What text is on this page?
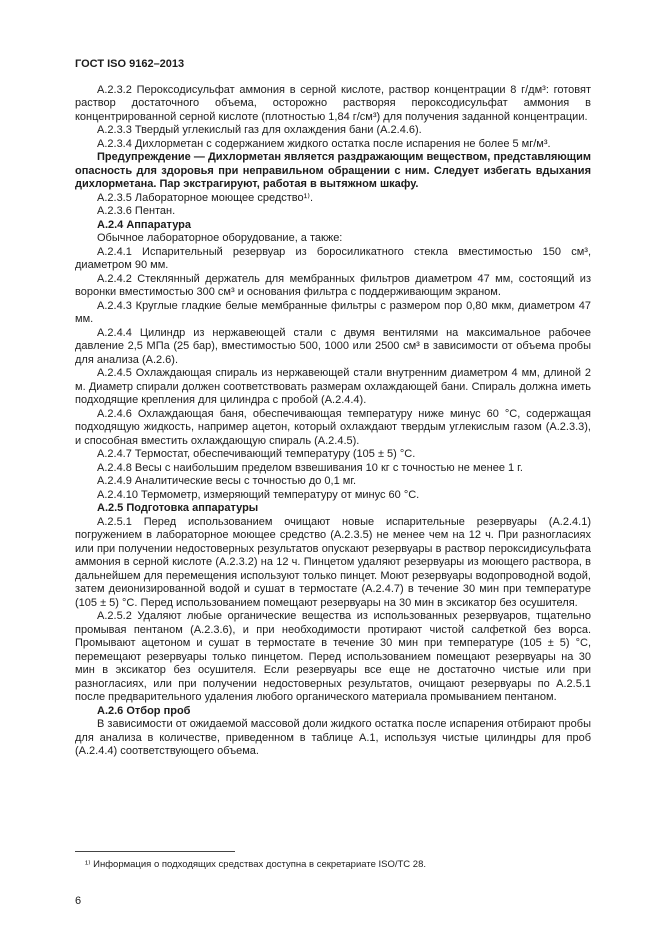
ГОСТ ISO 9162–2013

А.2.3.2 Пероксодисульфат аммония в серной кислоте, раствор концентрации 8 г/дм³: готовят раствор достаточного объема, осторожно растворяя пероксодисульфат аммония в концентрированной серной кислоте (плотностью 1,84 г/см³) для получения заданной концентрации.

А.2.3.3 Твердый углекислый газ для охлаждения бани (А.2.4.6).

А.2.3.4 Дихлорметан с содержанием жидкого остатка после испарения не более 5 мг/м³.

Предупреждение — Дихлорметан является раздражающим веществом, представляющим опасность для здоровья при неправильном обращении с ним. Следует избегать вдыхания дихлорметана. Пар экстрагируют, работая в вытяжном шкафу.

А.2.3.5 Лабораторное моющее средство¹⁾.

А.2.3.6 Пентан.

А.2.4 Аппаратура

Обычное лабораторное оборудование, а также:

А.2.4.1 Испарительный резервуар из боросиликатного стекла вместимостью 150 см³, диаметром 90 мм.

А.2.4.2 Стеклянный держатель для мембранных фильтров диаметром 47 мм, состоящий из воронки вместимостью 300 см³ и основания фильтра с поддерживающим экраном.

А.2.4.3 Круглые гладкие белые мембранные фильтры с размером пор 0,80 мкм, диаметром 47 мм.

А.2.4.4 Цилиндр из нержавеющей стали с двумя вентилями на максимальное рабочее давление 2,5 МПа (25 бар), вместимостью 500, 1000 или 2500 см³ в зависимости от объема пробы для анализа (А.2.6).

А.2.4.5 Охлаждающая спираль из нержавеющей стали внутренним диаметром 4 мм, длиной 2 м. Диаметр спирали должен соответствовать размерам охлаждающей бани. Спираль должна иметь подходящие крепления для цилиндра с пробой (А.2.4.4).

А.2.4.6 Охлаждающая баня, обеспечивающая температуру ниже минус 60 °С, содержащая подходящую жидкость, например ацетон, который охлаждают твердым углекислым газом (А.2.3.3), и способная вместить охлаждающую спираль (А.2.4.5).

А.2.4.7 Термостат, обеспечивающий температуру (105 ± 5) °С.

А.2.4.8 Весы с наибольшим пределом взвешивания 10 кг с точностью не менее 1 г.

А.2.4.9 Аналитические весы с точностью до 0,1 мг.

А.2.4.10 Термометр, измеряющий температуру от минус 60 °С.

А.2.5 Подготовка аппаратуры

А.2.5.1 Перед использованием очищают новые испарительные резервуары (А.2.4.1) погружением в лабораторное моющее средство (А.2.3.5) не менее чем на 12 ч. При разногласиях или при получении недостоверных результатов опускают резервуары в раствор пероксидисульфата аммония в серной кислоте (А.2.3.2) на 12 ч. Пинцетом удаляют резервуары из моющего раствора, в дальнейшем для перемещения используют только пинцет. Моют резервуары водопроводной водой, затем деионизированной водой и сушат в термостате (А.2.4.7) в течение 30 мин при температуре (105 ± 5) °С. Перед использованием помещают резервуары на 30 мин в эксикатор без осушителя.

А.2.5.2 Удаляют любые органические вещества из использованных резервуаров, тщательно промывая пентаном (А.2.3.6), и при необходимости протирают чистой салфеткой без ворса. Промывают ацетоном и сушат в термостате в течение 30 мин при температуре (105 ± 5) °С, перемещают резервуары только пинцетом. Перед использованием помещают резервуары на 30 мин в эксикатор без осушителя. Если резервуары все еще не достаточно чистые или при разногласиях, или при получении недостоверных результатов, очищают резервуары по А.2.5.1 после предварительного удаления любого органического материала промыванием пентаном.

А.2.6 Отбор проб

В зависимости от ожидаемой массовой доли жидкого остатка после испарения отбирают пробы для анализа в количестве, приведенном в таблице А.1, используя чистые цилиндры для проб (А.2.4.4) соответствующего объема.

¹⁾ Информация о подходящих средствах доступна в секретариате ISO/TC 28.
6
